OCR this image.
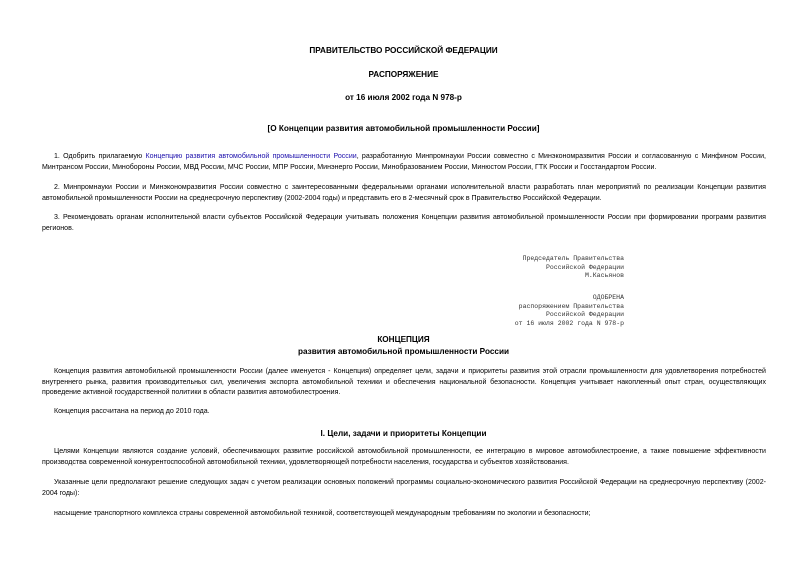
ПРАВИТЕЛЬСТВО РОССИЙСКОЙ ФЕДЕРАЦИИ
РАСПОРЯЖЕНИЕ
от 16 июля 2002 года N 978-р
[О Концепции развития автомобильной промышленности России]
1. Одобрить прилагаемую Концепцию развития автомобильной промышленности России, разработанную Минпромнауки России совместно с Минэкономразвития России и согласованную с Минфином России, Минтрансом России, Минобороны России, МВД России, МЧС России, МПР России, Минэнерго России, Минобразованием России, Минюстом России, ГТК России и Госстандартом России.
2. Минпромнауки России и Минэкономразвития России совместно с заинтересованными федеральными органами исполнительной власти разработать план мероприятий по реализации Концепции развития автомобильной промышленности России на среднесрочную перспективу (2002-2004 годы) и представить его в 2-месячный срок в Правительство Российской Федерации.
3. Рекомендовать органам исполнительной власти субъектов Российской Федерации учитывать положения Концепции развития автомобильной промышленности России при формировании программ развития регионов.
Председатель Правительства
Российской Федерации
М.Касьянов
ОДОБРЕНА
распоряжением Правительства
Российской Федерации
от 16 июля 2002 года N 978-р
КОНЦЕПЦИЯ
развития автомобильной промышленности России
Концепция развития автомобильной промышленности России (далее именуется - Концепция) определяет цели, задачи и приоритеты развития этой отрасли промышленности для удовлетворения потребностей внутреннего рынка, развития производительных сил, увеличения экспорта автомобильной техники и обеспечения национальной безопасности. Концепция учитывает накопленный опыт стран, осуществляющих проведение активной государственной политики в области развития автомобилестроения.
Концепция рассчитана на период до 2010 года.
I. Цели, задачи и приоритеты Концепции
Целями Концепции являются создание условий, обеспечивающих развитие российской автомобильной промышленности, ее интеграцию в мировое автомобилестроение, а также повышение эффективности производства современной конкурентоспособной автомобильной техники, удовлетворяющей потребности населения, государства и субъектов хозяйствования.
Указанные цели предполагают решение следующих задач с учетом реализации основных положений программы социально-экономического развития Российской Федерации на среднесрочную перспективу (2002-2004 годы):
насыщение транспортного комплекса страны современной автомобильной техникой, соответствующей международным требованиям по экологии и безопасности;
